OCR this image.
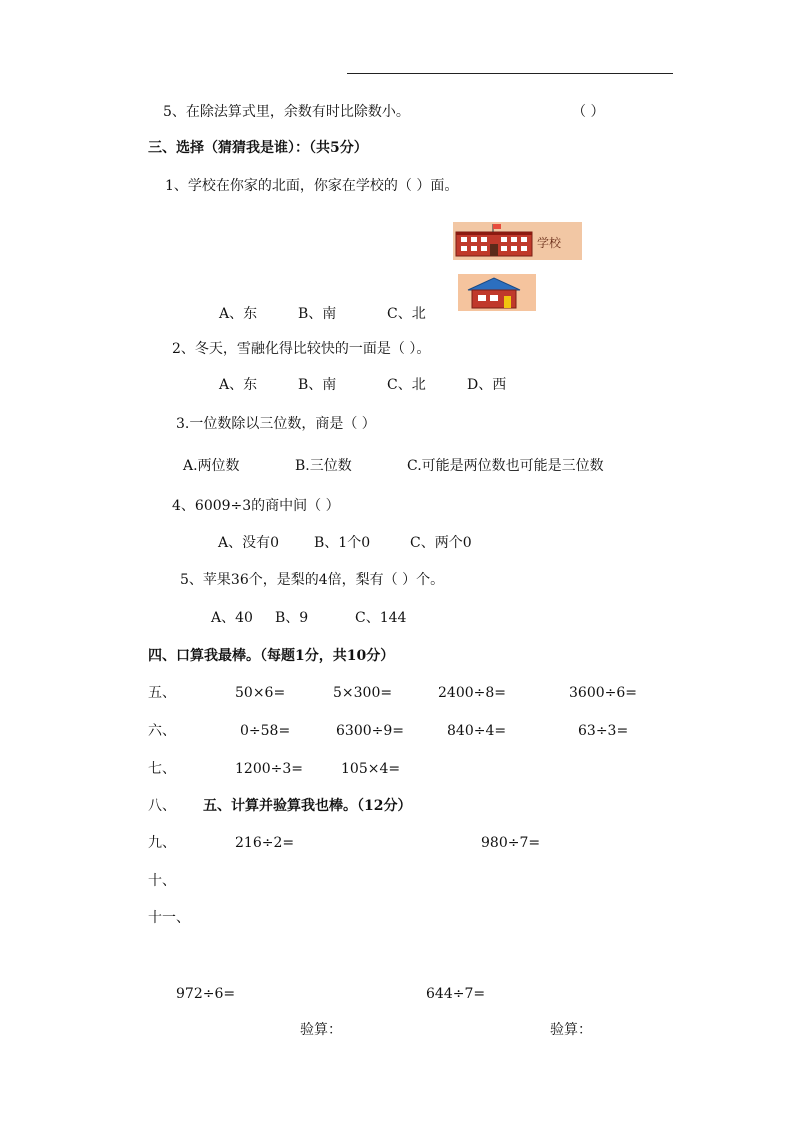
5、在除法算式里，余数有时比除数小。	（ ）
三、选择（猜猜我是谁）：（共5分）
1、学校在你家的北面，你家在学校的（ ）面。
学校
A、东	B、南	C、北
2、冬天，雪融化得比较快的一面是（ ）。
A、东	B、南	C、北	D、西
3.一位数除以三位数，商是（ ）
A.两位数	B.三位数	C.可能是两位数也可能是三位数
4、6009÷3的商中间（ ）
A、没有0 B、1个0	C、两个0
5、苹果36个，是梨的4倍，梨有（ ）个。
A、40 B、9	C、144
四、口算我最棒。（每题1分，共10分）
五、	50×6=	5×300=	2400÷8=	3600÷6=
六、	0÷58=	6300÷9=	840÷4=	63÷3=
七、	1200÷3=	105×4=
八、 五、计算并验算我也棒。（12分）
九、	216÷2=	980÷7=
十、
十一、
972÷6=	644÷7=
验算：	验算：
